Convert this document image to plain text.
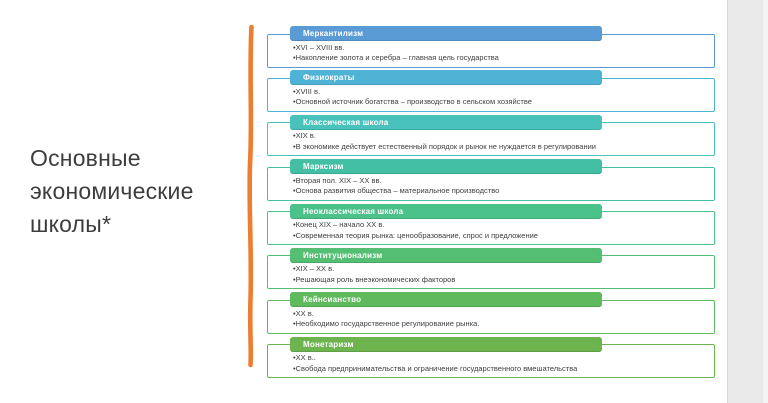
Основные экономические школы*
Меркантилизм
•XVI – XVIII вв.
•Накопление золота и серебра – главная цель государства
Физиократы
•XVIII в.
•Основной источник богатства – производство в сельском хозяйстве
Классическая школа
•XIX в.
•В экономике действует естественный порядок и рынок не нуждается в регулировании
Марксизм
•Вторая пол. XIX – XX вв.
•Основа развития общества – материальное производство
Неоклассическая школа
•Конец XIX – начало XX в.
•Современная теория рынка: ценообразование, спрос и предложение
Институционализм
•XIX – XX в.
•Решающая роль внеэкономических факторов
Кейнсианство
•XX в.
•Необходимо государственное регулирование рынка.
Монетаризм
•XX в..
•Свобода предпринимательства и ограничение государственного вмешательства
